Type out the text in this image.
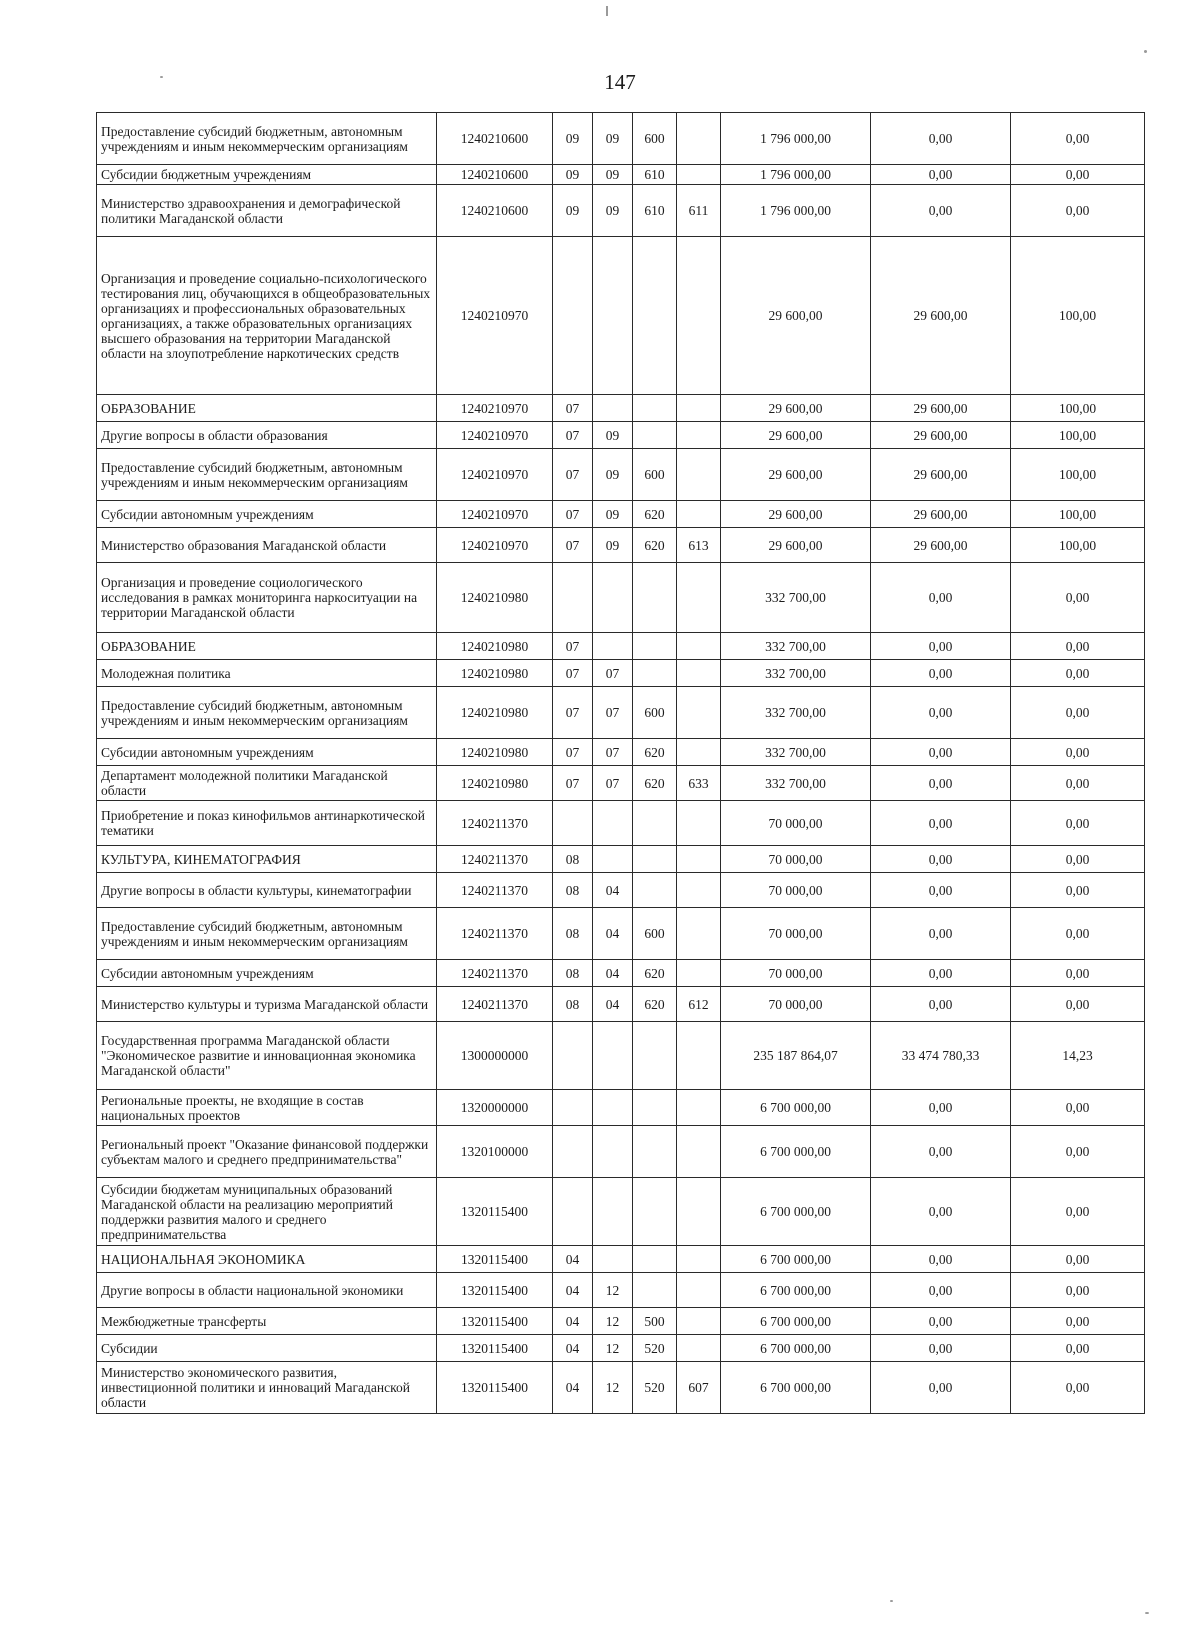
147
Предоставление субсидий бюджетным, автономным учреждениям и иным некоммерческим организациям	1240210600	09	09	600		1 796 000,00	0,00	0,00
Субсидии бюджетным учреждениям	1240210600	09	09	610		1 796 000,00	0,00	0,00
Министерство здравоохранения и демографической политики Магаданской области	1240210600	09	09	610	611	1 796 000,00	0,00	0,00
Организация и проведение социально-психологического тестирования лиц, обучающихся в общеобразовательных организациях и профессиональных образовательных организациях, а также образовательных организациях высшего образования на территории Магаданской области на злоупотребление наркотических средств	1240210970					29 600,00	29 600,00	100,00
ОБРАЗОВАНИЕ	1240210970	07				29 600,00	29 600,00	100,00
Другие вопросы в области образования	1240210970	07	09			29 600,00	29 600,00	100,00
Предоставление субсидий бюджетным, автономным учреждениям и иным некоммерческим организациям	1240210970	07	09	600		29 600,00	29 600,00	100,00
Субсидии автономным учреждениям	1240210970	07	09	620		29 600,00	29 600,00	100,00
Министерство образования Магаданской области	1240210970	07	09	620	613	29 600,00	29 600,00	100,00
Организация и проведение социологического исследования в рамках мониторинга наркоситуации на территории Магаданской области	1240210980					332 700,00	0,00	0,00
ОБРАЗОВАНИЕ	1240210980	07				332 700,00	0,00	0,00
Молодежная политика	1240210980	07	07			332 700,00	0,00	0,00
Предоставление субсидий бюджетным, автономным учреждениям и иным некоммерческим организациям	1240210980	07	07	600		332 700,00	0,00	0,00
Субсидии автономным учреждениям	1240210980	07	07	620		332 700,00	0,00	0,00
Департамент молодежной политики Магаданской области	1240210980	07	07	620	633	332 700,00	0,00	0,00
Приобретение и показ кинофильмов антинаркотической тематики	1240211370					70 000,00	0,00	0,00
КУЛЬТУРА, КИНЕМАТОГРАФИЯ	1240211370	08				70 000,00	0,00	0,00
Другие вопросы в области культуры, кинематографии	1240211370	08	04			70 000,00	0,00	0,00
Предоставление субсидий бюджетным, автономным учреждениям и иным некоммерческим организациям	1240211370	08	04	600		70 000,00	0,00	0,00
Субсидии автономным учреждениям	1240211370	08	04	620		70 000,00	0,00	0,00
Министерство культуры и туризма Магаданской области	1240211370	08	04	620	612	70 000,00	0,00	0,00
Государственная программа Магаданской области "Экономическое развитие и инновационная экономика Магаданской области"	1300000000					235 187 864,07	33 474 780,33	14,23
Региональные проекты, не входящие в состав национальных проектов	1320000000					6 700 000,00	0,00	0,00
Региональный проект "Оказание финансовой поддержки субъектам малого и среднего предпринимательства"	1320100000					6 700 000,00	0,00	0,00
Субсидии бюджетам муниципальных образований Магаданской области на реализацию мероприятий поддержки развития малого и среднего предпринимательства	1320115400					6 700 000,00	0,00	0,00
НАЦИОНАЛЬНАЯ ЭКОНОМИКА	1320115400	04				6 700 000,00	0,00	0,00
Другие вопросы в области национальной экономики	1320115400	04	12			6 700 000,00	0,00	0,00
Межбюджетные трансферты	1320115400	04	12	500		6 700 000,00	0,00	0,00
Субсидии	1320115400	04	12	520		6 700 000,00	0,00	0,00
Министерство экономического развития, инвестиционной политики и инноваций Магаданской области	1320115400	04	12	520	607	6 700 000,00	0,00	0,00
